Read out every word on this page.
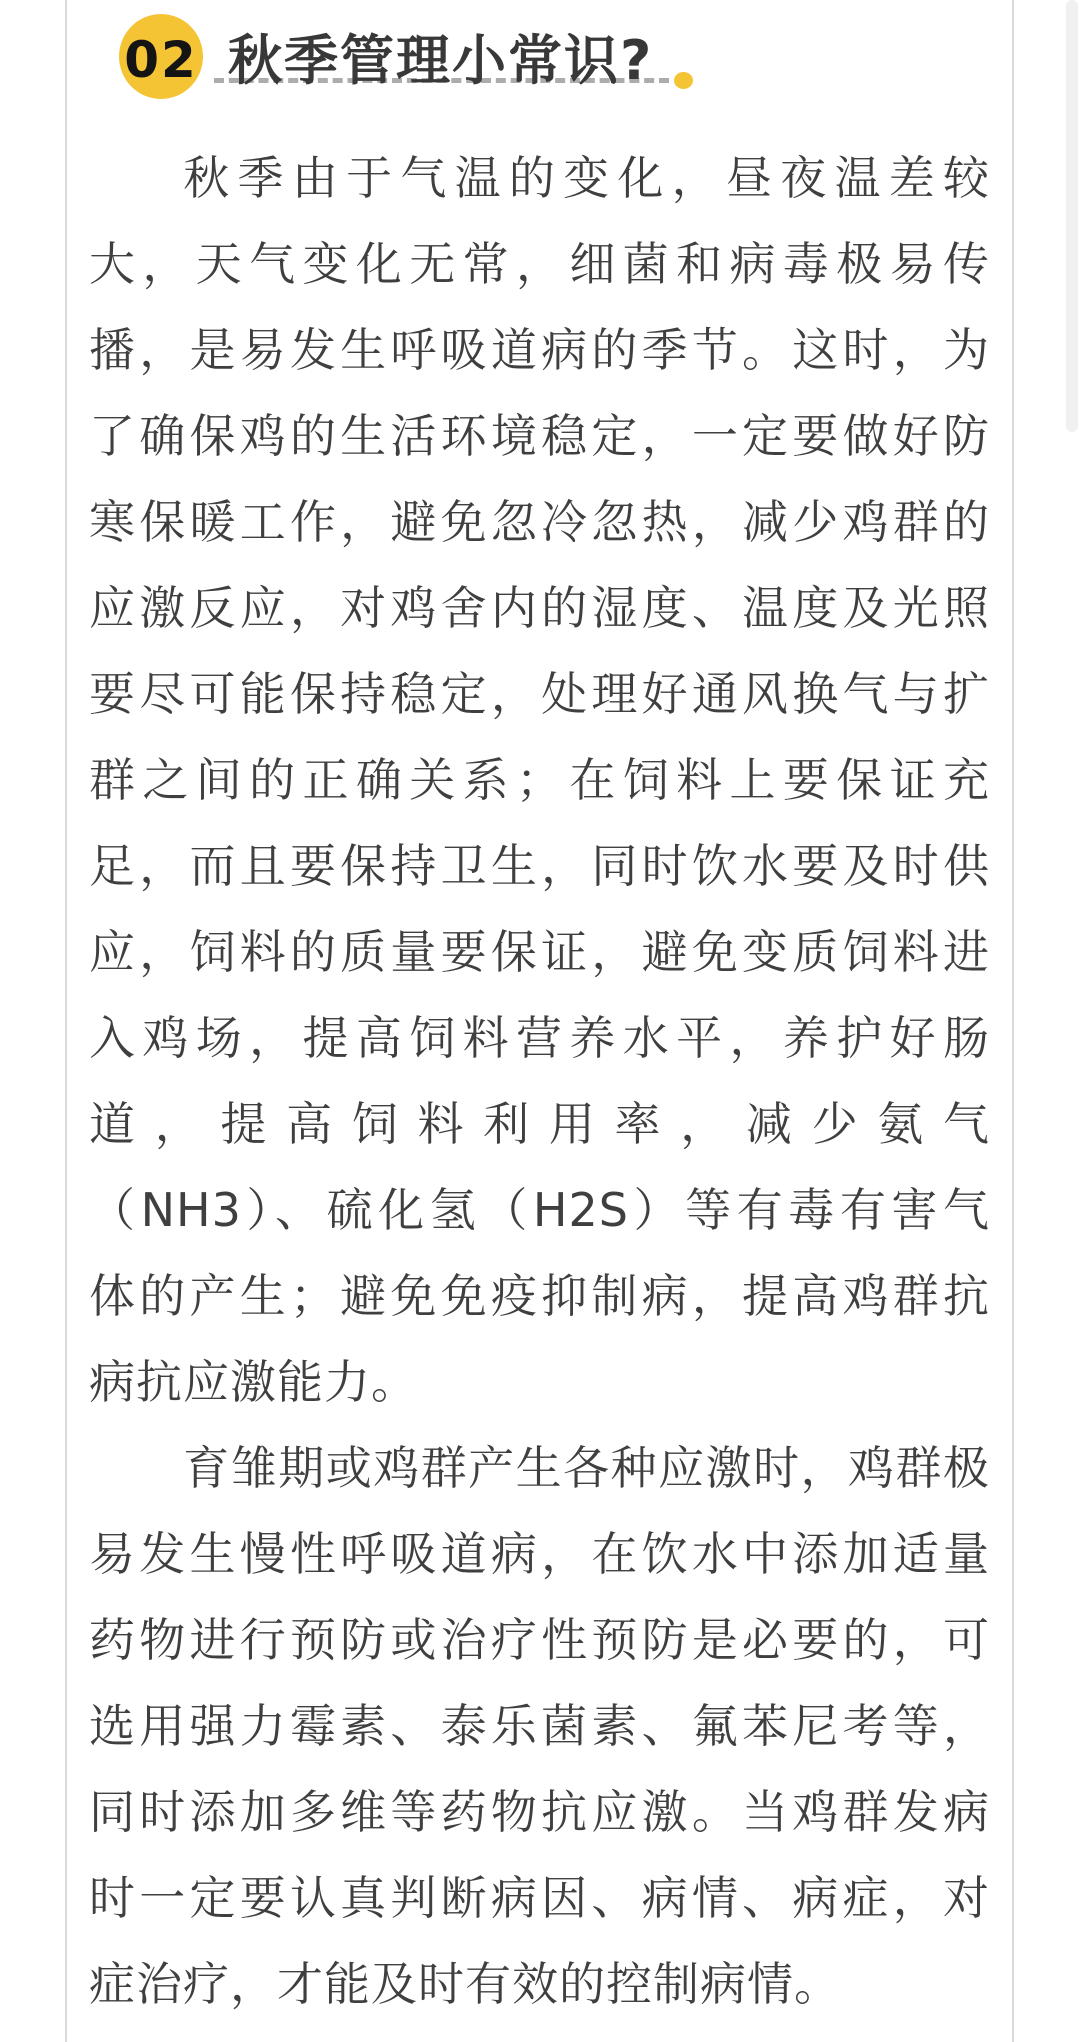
02 秋季管理小常识?
秋季由于气温的变化，昼夜温差较
大，天气变化无常，细菌和病毒极易传
播，是易发生呼吸道病的季节。这时，为
了确保鸡的生活环境稳定，一定要做好防
寒保暖工作，避免忽冷忽热，减少鸡群的
应激反应，对鸡舍内的湿度、温度及光照
要尽可能保持稳定，处理好通风换气与扩
群之间的正确关系；在饲料上要保证充
足，而且要保持卫生，同时饮水要及时供
应，饲料的质量要保证，避免变质饲料进
入鸡场，提高饲料营养水平，养护好肠
道，提高饲料利用率，减少氨气
（NH3）、硫化氢（H2S）等有毒有害气
体的产生；避免免疫抑制病，提高鸡群抗
病抗应激能力。
育雏期或鸡群产生各种应激时，鸡群极
易发生慢性呼吸道病，在饮水中添加适量
药物进行预防或治疗性预防是必要的，可
选用强力霉素、泰乐菌素、氟苯尼考等，
同时添加多维等药物抗应激。当鸡群发病
时一定要认真判断病因、病情、病症，对
症治疗，才能及时有效的控制病情。
